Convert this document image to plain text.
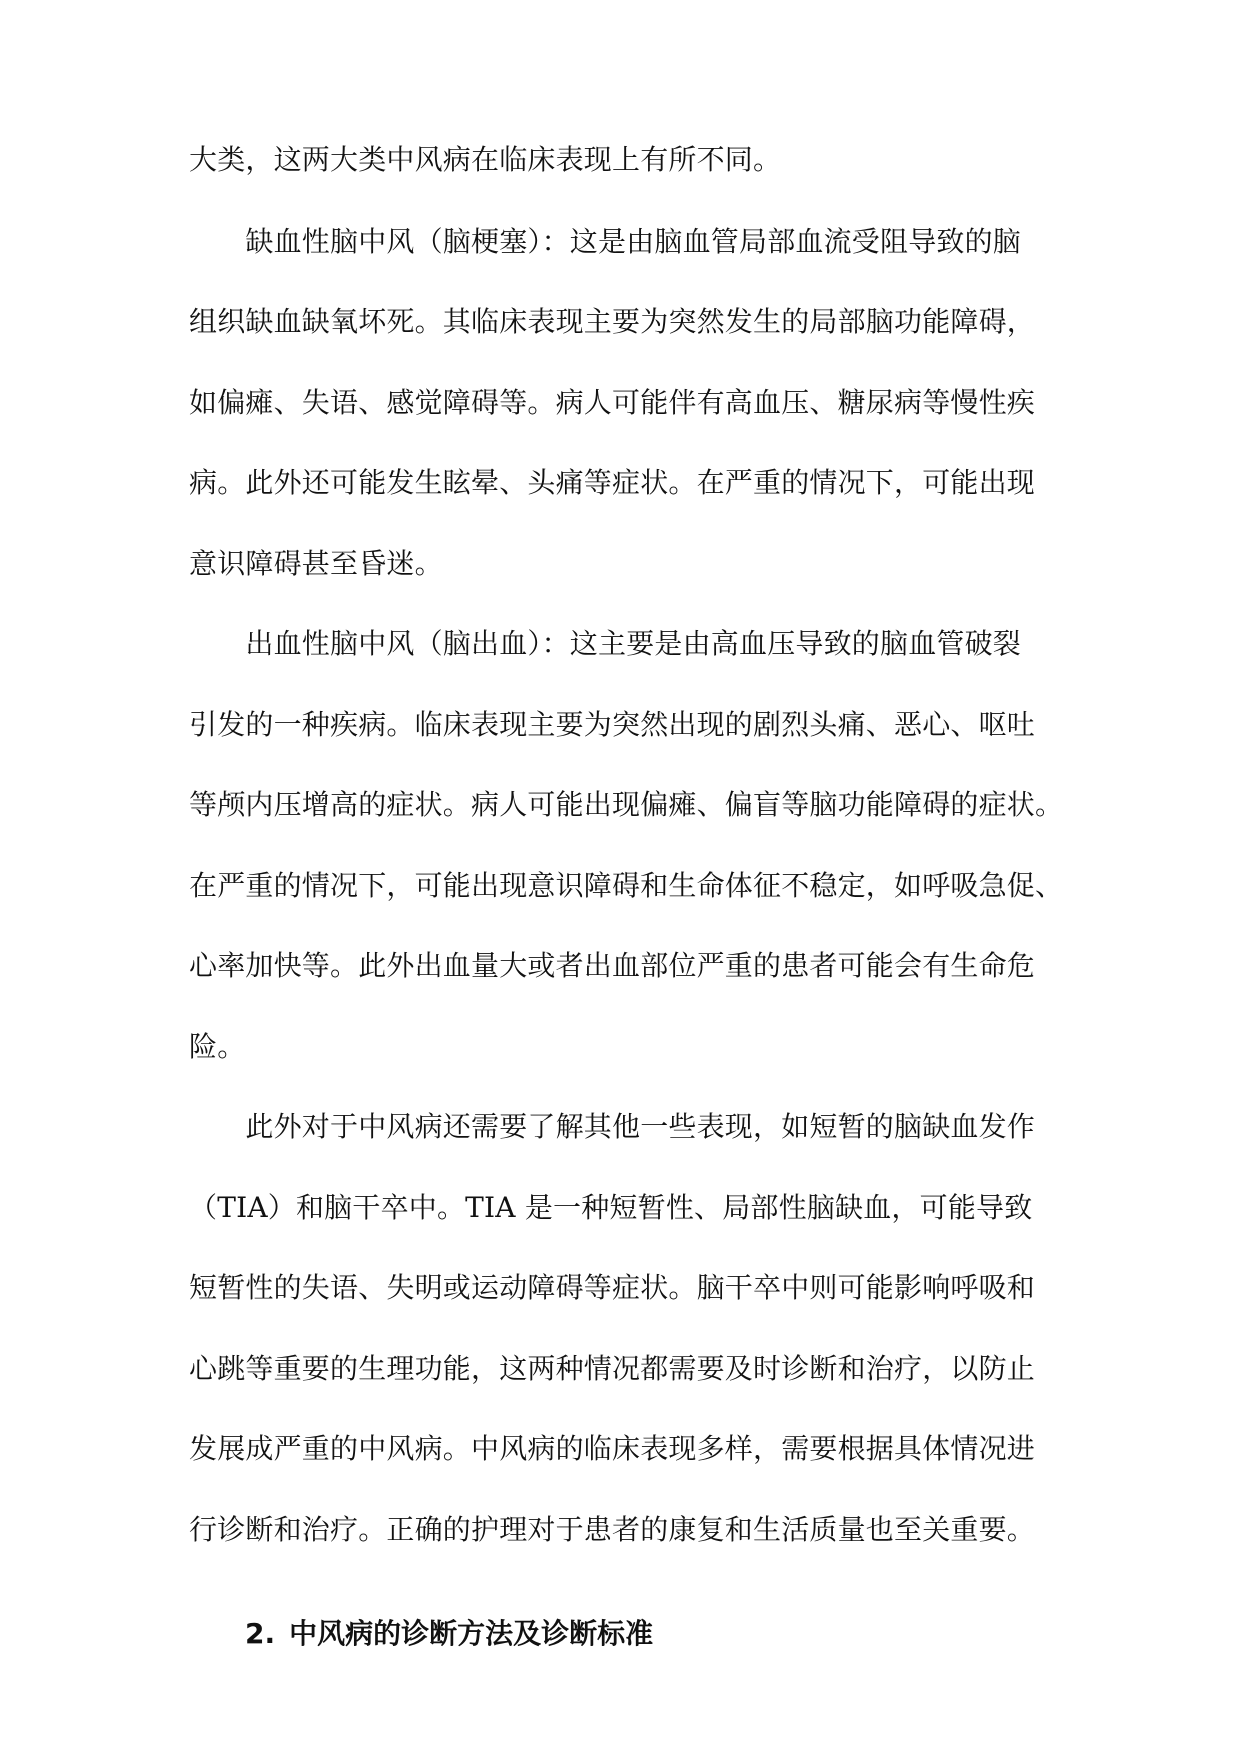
大类，这两大类中风病在临床表现上有所不同。
　　缺血性脑中风（脑梗塞）：这是由脑血管局部血流受阻导致的脑
组织缺血缺氧坏死。其临床表现主要为突然发生的局部脑功能障碍，
如偏瘫、失语、感觉障碍等。病人可能伴有高血压、糖尿病等慢性疾
病。此外还可能发生眩晕、头痛等症状。在严重的情况下，可能出现
意识障碍甚至昏迷。
　　出血性脑中风（脑出血）：这主要是由高血压导致的脑血管破裂
引发的一种疾病。临床表现主要为突然出现的剧烈头痛、恶心、呕吐
等颅内压增高的症状。病人可能出现偏瘫、偏盲等脑功能障碍的症状。
在严重的情况下，可能出现意识障碍和生命体征不稳定，如呼吸急促、
心率加快等。此外出血量大或者出血部位严重的患者可能会有生命危
险。
　　此外对于中风病还需要了解其他一些表现，如短暂的脑缺血发作
（TIA）和脑干卒中。TIA 是一种短暂性、局部性脑缺血，可能导致
短暂性的失语、失明或运动障碍等症状。脑干卒中则可能影响呼吸和
心跳等重要的生理功能，这两种情况都需要及时诊断和治疗，以防止
发展成严重的中风病。中风病的临床表现多样，需要根据具体情况进
行诊断和治疗。正确的护理对于患者的康复和生活质量也至关重要。
2. 中风病的诊断方法及诊断标准
